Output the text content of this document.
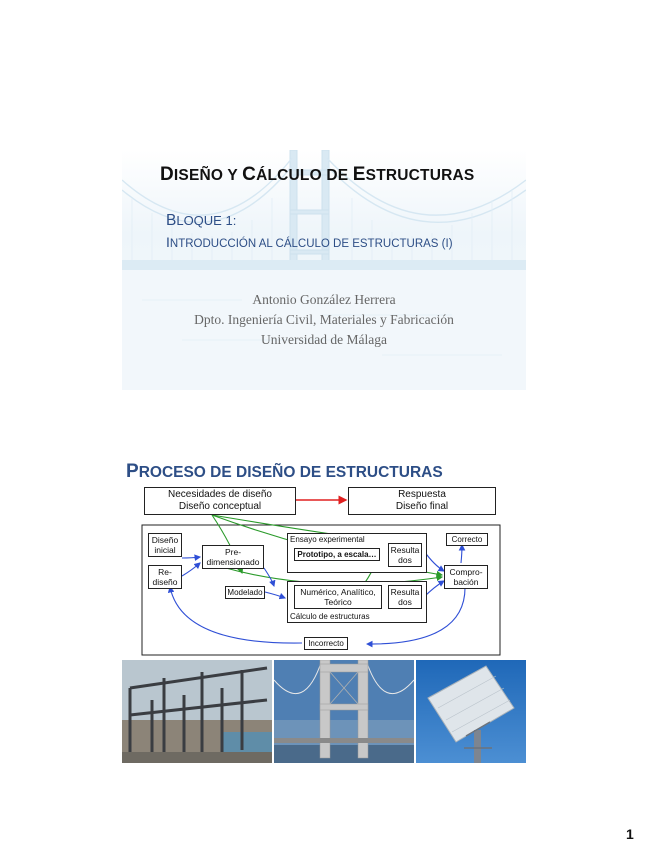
DISEÑO Y CÁLCULO DE ESTRUCTURAS
BLOQUE 1:
INTRODUCCIÓN AL CÁLCULO DE ESTRUCTURAS (I)
Antonio González Herrera
Dpto. Ingeniería Civil, Materiales y Fabricación
Universidad de Málaga
PROCESO DE DISEÑO DE ESTRUCTURAS
Necesidades de diseño
Diseño conceptual
Respuesta
Diseño final
Diseño inicial
Re-diseño
Pre-dimensionado
Modelado
Ensayo experimental
Prototipo, a escala…	Resulta dos
Numérico, Analítico, Teórico
Resulta dos
Cálculo de estructuras
Correcto
Compro-bación
Incorrecto
1
